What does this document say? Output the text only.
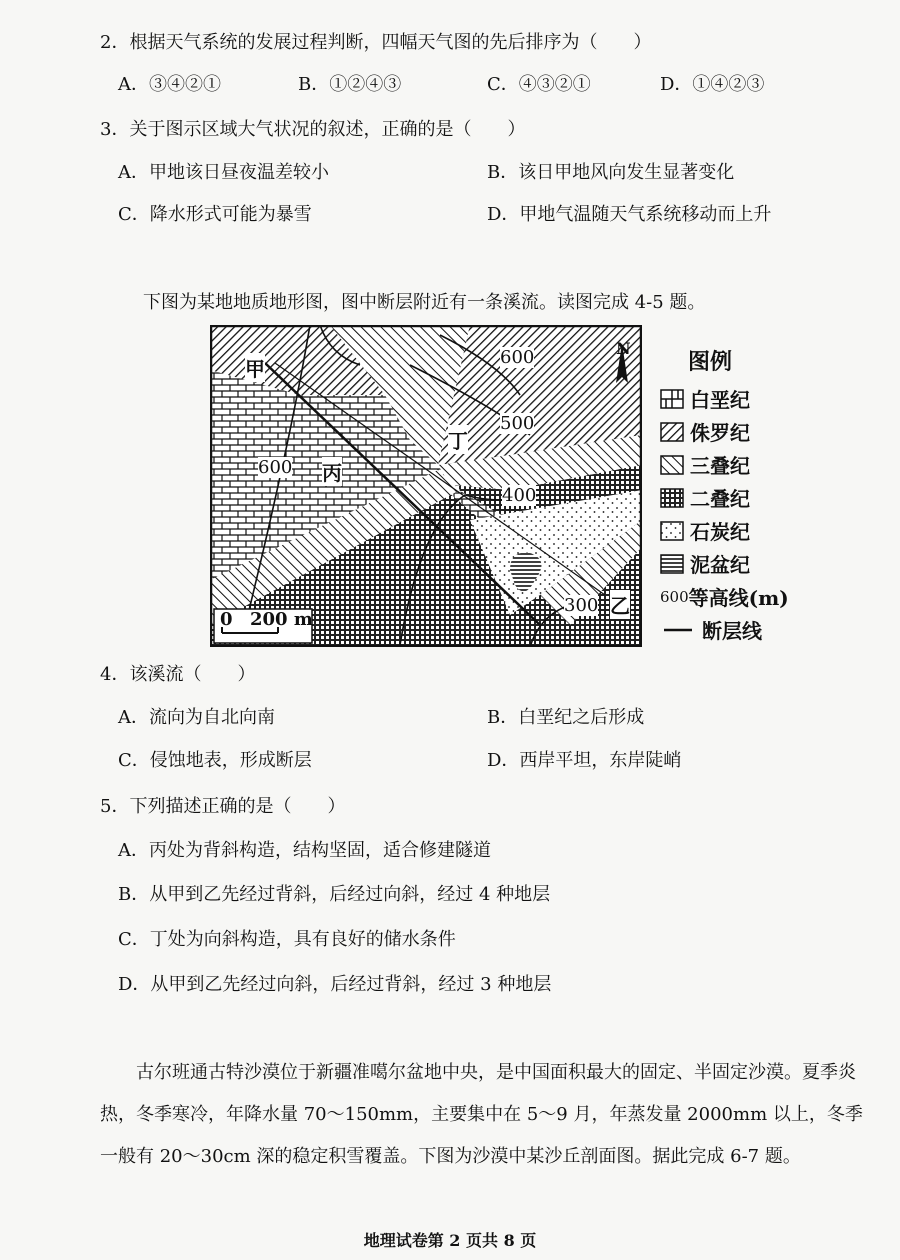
2．根据天气系统的发展过程判断，四幅天气图的先后排序为（　　）
A．③④②①	B．①②④③	C．④③②①	D．①④②③
3．关于图示区域大气状况的叙述，正确的是（　　）
A．甲地该日昼夜温差较小	B．该日甲地风向发生显著变化
C．降水形式可能为暴雪	D．甲地气温随天气系统移动而上升
下图为某地地质地形图，图中断层附近有一条溪流。读图完成 4-5 题。
甲
丙
丁
乙
N
600
600
500
400
300
0 200 m
图例
白垩纪
侏罗纪
三叠纪
二叠纪
石炭纪
泥盆纪
600 等高线(m)
断层线
4．该溪流（　　）
A．流向为自北向南	B．白垩纪之后形成
C．侵蚀地表，形成断层	D．西岸平坦，东岸陡峭
5．下列描述正确的是（　　）
A．丙处为背斜构造，结构坚固，适合修建隧道
B．从甲到乙先经过背斜，后经过向斜，经过 4 种地层
C．丁处为向斜构造，具有良好的储水条件
D．从甲到乙先经过向斜，后经过背斜，经过 3 种地层
古尔班通古特沙漠位于新疆准噶尔盆地中央，是中国面积最大的固定、半固定沙漠。夏季炎热，冬季寒冷，年降水量 70～150mm，主要集中在 5～9 月，年蒸发量 2000mm 以上，冬季一般有 20～30cm 深的稳定积雪覆盖。下图为沙漠中某沙丘剖面图。据此完成 6-7 题。
地理试卷第 2 页共 8 页
